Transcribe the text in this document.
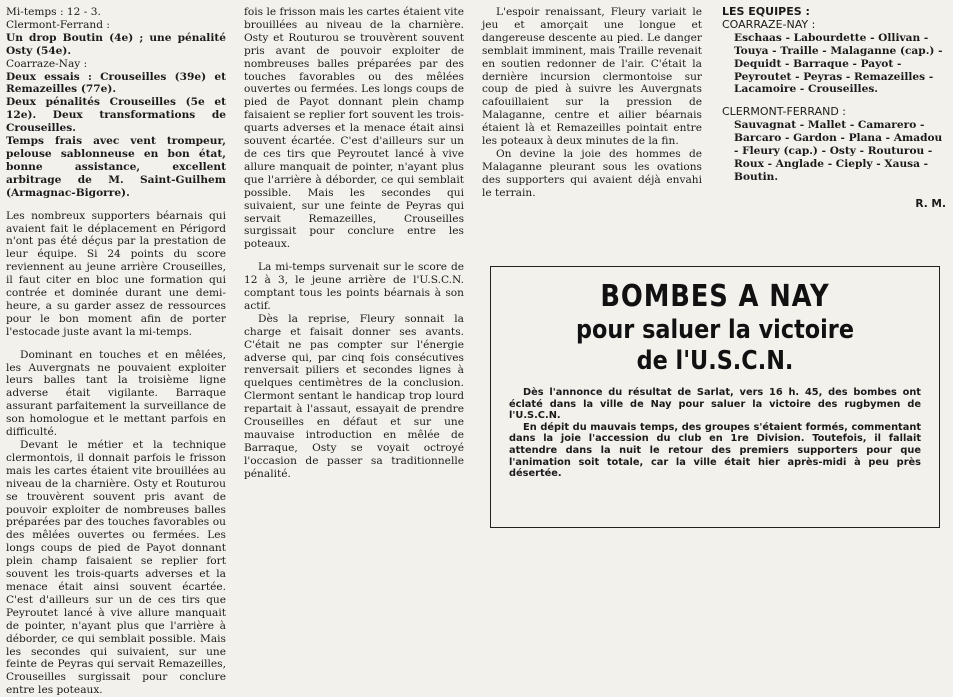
Mi-temps : 12 - 3.

Clermont-Ferrand :

Un drop Boutin (4e) ; une pénalité Osty (54e).

Coarraze-Nay :

Deux essais : Crouseilles (39e) et Remazeilles (77e).

Deux pénalités Crouseilles (5e et 12e). Deux transformations de Crouseilles.

Temps frais avec vent trompeur, pelouse sablonneuse en bon état, bonne assistance, excellent arbitrage de M. Saint-Guilhem (Armagnac-Bigorre).

Les nombreux supporters béarnais qui avaient fait le déplacement en Périgord n'ont pas été déçus par la prestation de leur équipe. Si 24 points du score reviennent au jeune arrière Crouseilles, il faut citer en bloc une formation qui contrée et dominée durant une demi-heure, a su garder assez de ressources pour le bon moment afin de porter l'estocade juste avant la mi-temps.

Dominant en touches et en mêlées, les Auvergnats ne pouvaient exploiter leurs balles tant la troisième ligne adverse était vigilante. Barraque assurant parfaitement la surveillance de son homologue et le mettant parfois en difficulté.

Devant le métier et la technique clermontois, il donnait parfois le frisson mais les cartes étaient vite brouillées au niveau de la charnière. Osty et Routurou se trouvèrent souvent pris avant de pouvoir exploiter de nombreuses balles préparées par des touches favorables ou des mêlées ouvertes ou fermées. Les longs coups de pied de Payot donnant plein champ faisaient se replier fort souvent les trois-quarts adverses et la menace était ainsi souvent écartée. C'est d'ailleurs sur un de ces tirs que Peyroutet lancé à vive allure manquait de pointer, n'ayant plus que l'arrière à déborder, ce qui semblait possible. Mais les secondes qui suivaient, sur une feinte de Peyras qui servait Remazeilles, Crouseilles surgissait pour conclure entre les poteaux.

fois le frisson mais les cartes étaient vite brouillées au niveau de la charnière. Osty et Routurou se trouvèrent souvent pris avant de pouvoir exploiter de nombreuses balles préparées par des touches favorables ou des mêlées ouvertes ou fermées. Les longs coups de pied de Payot donnant plein champ faisaient se replier fort souvent les trois-quarts adverses et la menace était ainsi souvent écartée. C'est d'ailleurs sur un de ces tirs que Peyroutet lancé à vive allure manquait de pointer, n'ayant plus que l'arrière à déborder, ce qui semblait possible. Mais les secondes qui suivaient, sur une feinte de Peyras qui servait Remazeilles, Crouseilles surgissait pour conclure entre les poteaux.

La mi-temps survenait sur le score de 12 à 3, le jeune arrière de l'U.S.C.N. comptant tous les points béarnais à son actif.

Dès la reprise, Fleury sonnait la charge et faisait donner ses avants. C'était ne pas compter sur l'énergie adverse qui, par cinq fois consécutives renversait piliers et secondes lignes à quelques centimètres de la conclusion. Clermont sentant le handicap trop lourd repartait à l'assaut, essayait de prendre Crouseilles en défaut et sur une mauvaise introduction en mêlée de Barraque, Osty se voyait octroyé l'occasion de passer sa traditionnelle pénalité.

L'espoir renaissant, Fleury variait le jeu et amorçait une longue et dangereuse descente au pied. Le danger semblait imminent, mais Traille revenait en soutien redonner de l'air. C'était la dernière incursion clermontoise sur coup de pied à suivre les Auvergnats cafouillaient sur la pression de Malaganne, centre et ailier béarnais étaient là et Remazeilles pointait entre les poteaux à deux minutes de la fin.

On devine la joie des hommes de Malaganne pleurant sous les ovations des supporters qui avaient déjà envahi le terrain.

LES EQUIPES :
COARRAZE-NAY :
Eschaas - Labourdette - Ollivan - Touya - Traille - Malaganne (cap.) - Dequidt - Barraque - Payot - Peyroutet - Peyras - Remazeilles - Lacamoire - Crouseilles.
CLERMONT-FERRAND :
Sauvagnat - Mallet - Camarero - Barcaro - Gardon - Plana - Amadou - Fleury (cap.) - Osty - Routurou - Roux - Anglade - Cieply - Xausa - Boutin.
R. M.
BOMBES A NAY
pour saluer la victoire
de l'U.S.C.N.

Dès l'annonce du résultat de Sarlat, vers 16 h. 45, des bombes ont éclaté dans la ville de Nay pour saluer la victoire des rugbymen de l'U.S.C.N.

En dépit du mauvais temps, des groupes s'étaient formés, commentant dans la joie l'accession du club en 1re Division. Toutefois, il fallait attendre dans la nuit le retour des premiers supporters pour que l'animation soit totale, car la ville était hier après-midi à peu près désertée.
